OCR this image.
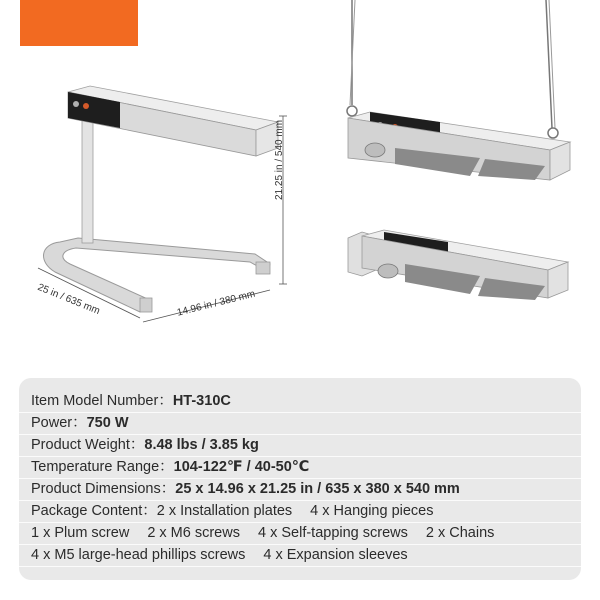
21.25 in / 540 mm
25 in / 635 mm	14.96 in / 380 mm
Item Model Number：HT-310C
Power：750 W
Product Weight：8.48 lbs / 3.85 kg
Temperature Range：104-122℉ / 40-50℃
Product Dimensions：25 x 14.96 x 21.25 in / 635 x 380 x 540 mm
Package Content：2 x Installation plates 4 x Hanging pieces
1 x Plum screw 2 x M6 screws 4 x Self-tapping screws 2 x Chains
4 x M5 large-head phillips screws 4 x Expansion sleeves
